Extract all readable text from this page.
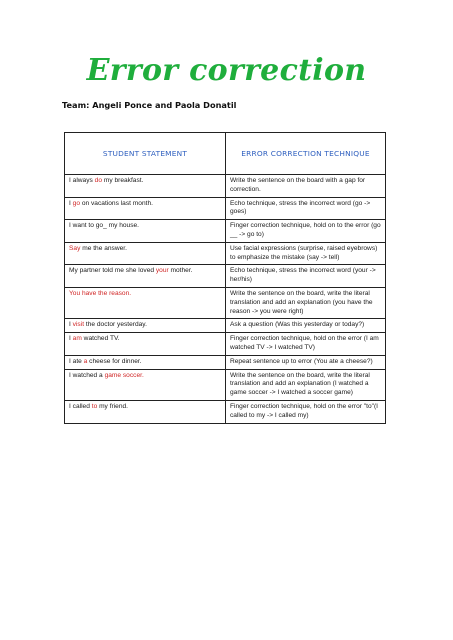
Error correction
Team: Angeli Ponce and Paola Donatil
STUDENT STATEMENT	ERROR CORRECTION TECHNIQUE
I always do my breakfast.	Write the sentence on the board with a gap for correction.
I go on vacations last month.	Echo technique, stress the incorrect word (go -> goes)
I want to go_ my house.	Finger correction technique, hold on to the error (go __ -> go to)
Say me the answer.	Use facial expressions (surprise, raised eyebrows) to emphasize the mistake (say -> tell)
My partner told me she loved your mother.	Echo technique, stress the incorrect word (your -> her/his)
You have the reason.	Write the sentence on the board, write the literal translation and add an explanation (you have the reason -> you were right)
I visit the doctor yesterday.	Ask a question (Was this yesterday or today?)
I am watched TV.	Finger correction technique, hold on the error (I am watched TV -> I watched TV)
I ate a cheese for dinner.	Repeat sentence up to error (You ate a cheese?)
I watched a game soccer.	Write the sentence on the board, write the literal translation and add an explanation (I watched a game soccer -> I watched a soccer game)
I called to my friend.	Finger correction technique, hold on the error "to"(I called to my -> I called my)
